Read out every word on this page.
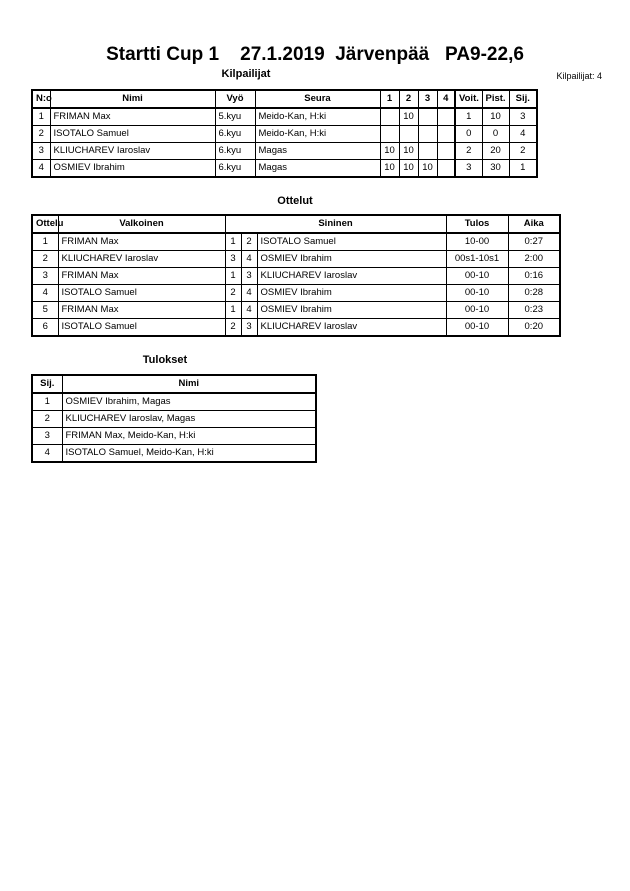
Startti Cup 1    27.1.2019  Järvenpää   PA9-22,6
Kilpailijat	Kilpailijat: 4
N:o	Nimi	Vyö	Seura	1	2	3	4	Voit.	Pist.	Sij.
1	FRIMAN Max	5.kyu	Meido-Kan, H:ki		10			1	10	3
2	ISOTALO Samuel	6.kyu	Meido-Kan, H:ki					0	0	4
3	KLIUCHAREV Iaroslav	6.kyu	Magas	10	10			2	20	2
4	OSMIEV Ibrahim	6.kyu	Magas	10	10	10		3	30	1
Ottelut
Ottelu	Valkoinen	Sininen			Tulos	Aika
1	FRIMAN Max	1	2	ISOTALO Samuel	10-00	0:27
2	KLIUCHAREV Iaroslav	3	4	OSMIEV Ibrahim	00s1-10s1	2:00
3	FRIMAN Max	1	3	KLIUCHAREV Iaroslav	00-10	0:16
4	ISOTALO Samuel	2	4	OSMIEV Ibrahim	00-10	0:28
5	FRIMAN Max	1	4	OSMIEV Ibrahim	00-10	0:23
6	ISOTALO Samuel	2	3	KLIUCHAREV Iaroslav	00-10	0:20
Tulokset
Sij.	Nimi
1	OSMIEV Ibrahim, Magas
2	KLIUCHAREV Iaroslav, Magas
3	FRIMAN Max, Meido-Kan, H:ki
4	ISOTALO Samuel, Meido-Kan, H:ki
